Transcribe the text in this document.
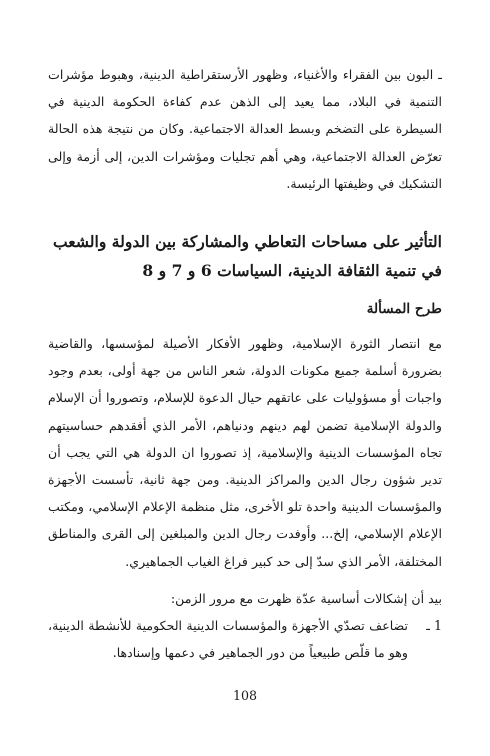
ـ البون بين الفقراء والأغنياء، وظهور الأرستقراطية الدينية، وهبوط مؤشرات التنمية في البلاد، مما يعيد إلى الذهن عدم كفاءة الحكومة الدينية في السيطرة على التضخم وبسط العدالة الاجتماعية. وكان من نتيجة هذه الحالة تعرّض العدالة الاجتماعية، وهي أهم تجليات ومؤشرات الدين، إلى أزمة وإلى التشكيك في وظيفتها الرئيسة.

التأثير على مساحات التعاطي والمشاركة بين الدولة والشعب في تنمية الثقافة الدينية، السياسات 6 و 7 و 8
طرح المسألة

مع انتصار الثورة الإسلامية، وظهور الأفكار الأصيلة لمؤسسها، والقاضية بضرورة أسلمة جميع مكونات الدولة، شعر الناس من جهة أولى، بعدم وجود واجبات أو مسؤوليات على عاتقهم حيال الدعوة للإسلام، وتصوروا أن الإسلام والدولة الإسلامية تضمن لهم دينهم ودنياهم، الأمر الذي أفقدهم حساسيتهم تجاه المؤسسات الدينية والإسلامية، إذ تصوروا ان الدولة هي التي يجب أن تدير شؤون رجال الدين والمراكز الدينية. ومن جهة ثانية، تأسست الأجهزة والمؤسسات الدينية واحدة تلو الأخرى، مثل منظمة الإعلام الإسلامي، ومكتب الإعلام الإسلامي، إلخ... وأوفدت رجال الدين والمبلغين إلى القرى والمناطق المختلفة، الأمر الذي سدّ إلى حد كبير فراغ الغياب الجماهيري.

بيد أن إشكالات أساسية عدّة ظهرت مع مرور الزمن:

1 ـ
تضاعف تصدّي الأجهزة والمؤسسات الدينية الحكومية للأنشطة الدينية، وهو ما قلّص طبيعياً من دور الجماهير في دعمها وإسنادها.
108
